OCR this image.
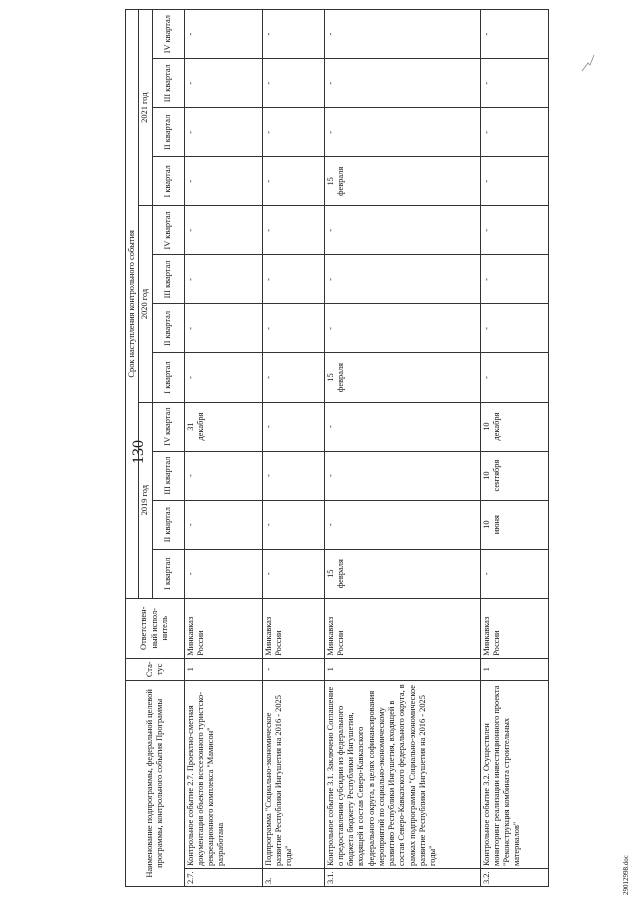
130
Наименование подпрограммы, федеральной целевой программы, контрольного события Программы		Ста-тус	Ответствен-ный испол-нитель	Срок наступления контрольного события											
				2019 год				2020 год				2021 год			
				I квартал	II квартал	III квартал	IV квартал	I квартал	II квартал	III квартал	IV квартал	I квартал	II квартал	III квартал	IV квартал
2.7.	Контрольное событие 2.7. Проектно-сметная документация объектов всесезонного туристско-рекреационного комплекса "Мамисон" разработана	1	Минкавказ России	-	-	-	31 декабря	-	-	-	-	-	-	-	-

3.	Подпрограмма "Социально-экономическое развитие Республики Ингушетия на 2016 - 2025 годы"	-	Минкавказ России	-	-	-	-	-	-	-	-	-	-	-	-

3.1.	Контрольное событие 3.1. Заключено Соглашение о предоставлении субсидии из федерального бюджета бюджету Республики Ингушетия, входящей в состав Северо-Кавказского федерального округа, в целях софинансирования мероприятий по социально-экономическому развитию Республики Ингушетия, входящей в состав Северо-Кавказского федерального округа, в рамках подпрограммы "Социально-экономическое развитие Республики Ингушетия на 2016 - 2025 годы"	1	Минкавказ России	15 февраля	-	-	-	15 февраля	-	-	-	15 февраля	-	-	-

3.2.	Контрольное событие 3.2. Осуществлен мониторинг реализации инвестиционного проекта "Реконструкция комбината строительных материалов"	1	Минкавказ России	-	10 июня	10 сентября	10 декабря	-	-	-	-	-	-	-	-
29012998.doc
